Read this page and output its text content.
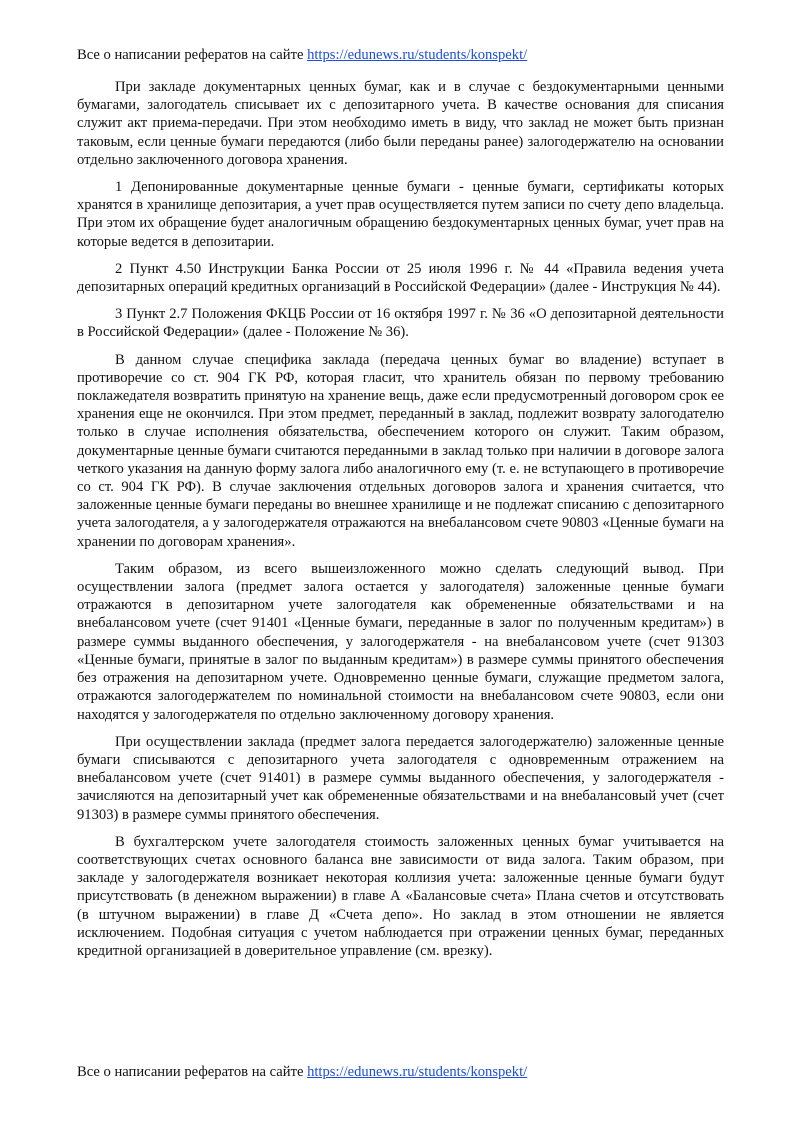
Все о написании рефератов на сайте https://edunews.ru/students/konspekt/

При закладе документарных ценных бумаг, как и в случае с бездокументарными ценными бумагами, залогодатель списывает их с депозитарного учета. В качестве основания для списания служит акт приема-передачи. При этом необходимо иметь в виду, что заклад не может быть признан таковым, если ценные бумаги передаются (либо были переданы ранее) залогодержателю на основании отдельно заключенного договора хранения.

1 Депонированные документарные ценные бумаги - ценные бумаги, сертификаты которых хранятся в хранилище депозитария, а учет прав осуществляется путем записи по счету депо владельца. При этом их обращение будет аналогичным обращению бездокументарных ценных бумаг, учет прав на которые ведется в депозитарии.

2 Пункт 4.50 Инструкции Банка России от 25 июля 1996 г. № 44 «Правила ведения учета депозитарных операций кредитных организаций в Российской Федерации» (далее - Инструкция № 44).

3 Пункт 2.7 Положения ФКЦБ России от 16 октября 1997 г. № 36 «О депозитарной деятельности в Российской Федерации» (далее - Положение № 36).

В данном случае специфика заклада (передача ценных бумаг во владение) вступает в противоречие со ст. 904 ГК РФ, которая гласит, что хранитель обязан по первому требованию поклажедателя возвратить принятую на хранение вещь, даже если предусмотренный договором срок ее хранения еще не окончился. При этом предмет, переданный в заклад, подлежит возврату залогодателю только в случае исполнения обязательства, обеспечением которого он служит. Таким образом, документарные ценные бумаги считаются переданными в заклад только при наличии в договоре залога четкого указания на данную форму залога либо аналогичного ему (т. е. не вступающего в противоречие со ст. 904 ГК РФ). В случае заключения отдельных договоров залога и хранения считается, что заложенные ценные бумаги переданы во внешнее хранилище и не подлежат списанию с депозитарного учета залогодателя, а у залогодержателя отражаются на внебалансовом счете 90803 «Ценные бумаги на хранении по договорам хранения».

Таким образом, из всего вышеизложенного можно сделать следующий вывод. При осуществлении залога (предмет залога остается у залогодателя) заложенные ценные бумаги отражаются в депозитарном учете залогодателя как обремененные обязательствами и на внебалансовом учете (счет 91401 «Ценные бумаги, переданные в залог по полученным кредитам») в размере суммы выданного обеспечения, у залогодержателя - на внебалансовом учете (счет 91303 «Ценные бумаги, принятые в залог по выданным кредитам») в размере суммы принятого обеспечения без отражения на депозитарном учете. Одновременно ценные бумаги, служащие предметом залога, отражаются залогодержателем по номинальной стоимости на внебалансовом счете 90803, если они находятся у залогодержателя по отдельно заключенному договору хранения.

При осуществлении заклада (предмет залога передается залогодержателю) заложенные ценные бумаги списываются с депозитарного учета залогодателя с одновременным отражением на внебалансовом учете (счет 91401) в размере суммы выданного обеспечения, у залогодержателя - зачисляются на депозитарный учет как обремененные обязательствами и на внебалансовый учет (счет 91303) в размере суммы принятого обеспечения.

В бухгалтерском учете залогодателя стоимость заложенных ценных бумаг учитывается на соответствующих счетах основного баланса вне зависимости от вида залога. Таким образом, при закладе у залогодержателя возникает некоторая коллизия учета: заложенные ценные бумаги будут присутствовать (в денежном выражении) в главе А «Балансовые счета» Плана счетов и отсутствовать (в штучном выражении) в главе Д «Счета депо». Но заклад в этом отношении не является исключением. Подобная ситуация с учетом наблюдается при отражении ценных бумаг, переданных кредитной организацией в доверительное управление (см. врезку).

Все о написании рефератов на сайте https://edunews.ru/students/konspekt/
